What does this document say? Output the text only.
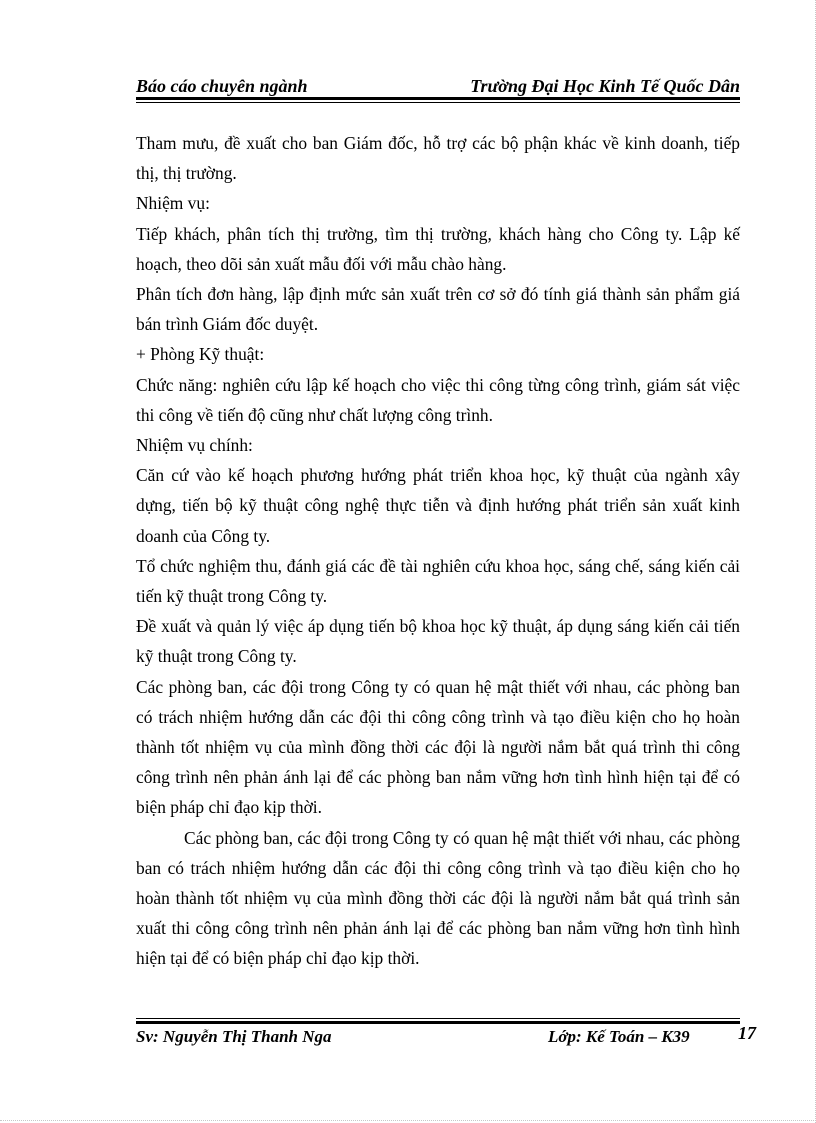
Báo cáo chuyên ngành	Trường Đại Học Kinh Tế Quốc Dân

Tham mưu, đề xuất cho ban Giám đốc, hỗ trợ các bộ phận khác về kinh doanh, tiếp thị, thị trường.

Nhiệm vụ:

Tiếp khách, phân tích thị trường, tìm thị trường, khách hàng cho Công ty. Lập kế hoạch, theo dõi sản xuất mẫu đối với mẫu chào hàng.

Phân tích đơn hàng, lập định mức sản xuất trên cơ sở đó tính giá thành sản phẩm giá bán trình Giám đốc duyệt.

+ Phòng Kỹ thuật:

Chức năng: nghiên cứu lập kế hoạch cho việc thi công từng công trình, giám sát việc thi công về tiến độ cũng như chất lượng công trình.

Nhiệm vụ chính:

Căn cứ vào kế hoạch phương hướng phát triển khoa học, kỹ thuật của ngành xây dựng, tiến bộ kỹ thuật công nghệ thực tiễn và định hướng phát triển sản xuất kinh doanh của Công ty.

Tổ chức nghiệm thu, đánh giá các đề tài nghiên cứu khoa học, sáng chế, sáng kiến cải tiến kỹ thuật trong Công ty.

Đề xuất và quản lý việc áp dụng tiến bộ khoa học kỹ thuật, áp dụng sáng kiến cải tiến kỹ thuật trong Công ty.

Các phòng ban, các đội trong Công ty có quan hệ mật thiết với nhau, các phòng ban có trách nhiệm hướng dẫn các đội thi công công trình và tạo điều kiện cho họ hoàn thành tốt nhiệm vụ của mình đồng thời các đội là người nắm bắt quá trình thi công công trình nên phản ánh lại để các phòng ban nắm vững hơn tình hình hiện tại để có biện pháp chỉ đạo kịp thời.

Các phòng ban, các đội trong Công ty có quan hệ mật thiết với nhau, các phòng ban có trách nhiệm hướng dẫn các đội thi công công trình và tạo điều kiện cho họ hoàn thành tốt nhiệm vụ của mình đồng thời các đội là người nắm bắt quá trình sản xuất thi công công trình nên phản ánh lại để các phòng ban nắm vững hơn tình hình hiện tại để có biện pháp chỉ đạo kịp thời.

Sv: Nguyễn Thị Thanh Nga	Lớp: Kế Toán – K39	17
